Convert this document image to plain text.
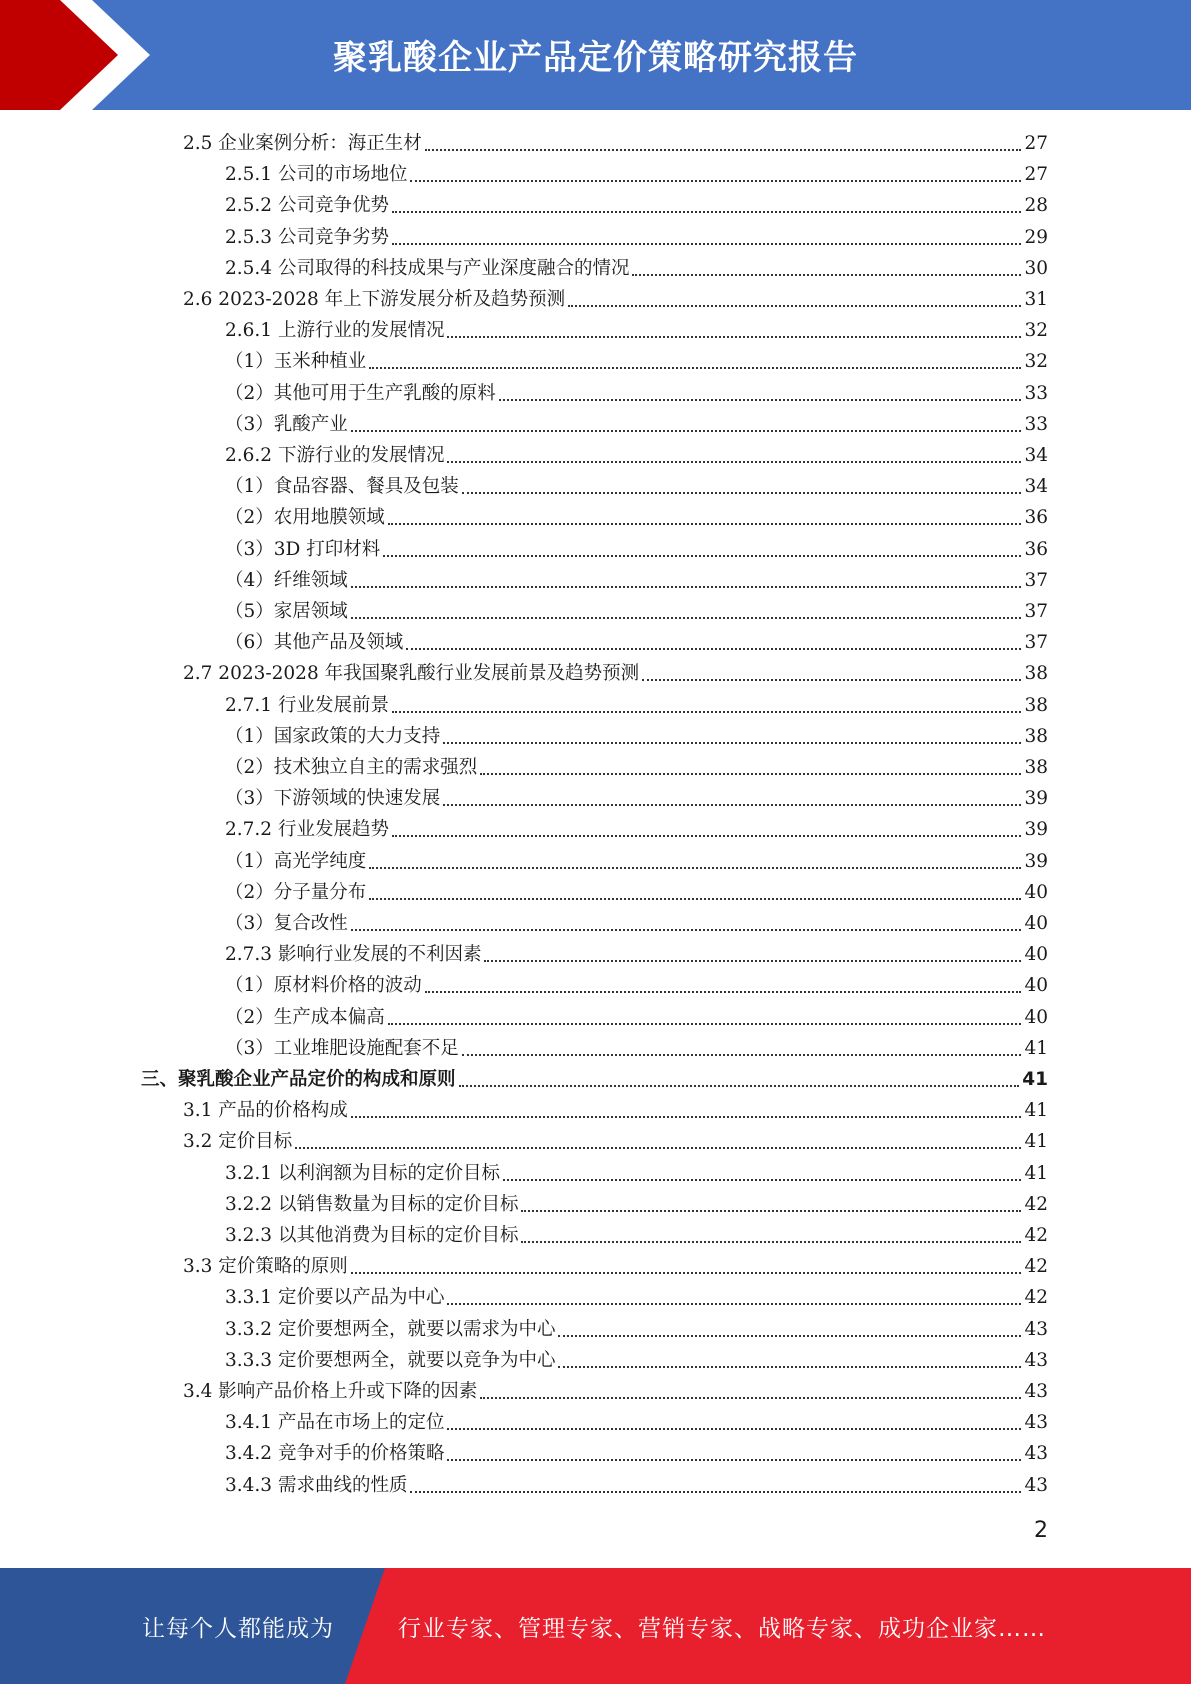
聚乳酸企业产品定价策略研究报告
2.5 企业案例分析：海正生材	27
2.5.1 公司的市场地位	27
2.5.2 公司竞争优势	28
2.5.3 公司竞争劣势	29
2.5.4 公司取得的科技成果与产业深度融合的情况	30
2.6 2023-2028 年上下游发展分析及趋势预测	31
2.6.1 上游行业的发展情况	32
（1）玉米种植业	32
（2）其他可用于生产乳酸的原料	33
（3）乳酸产业	33
2.6.2 下游行业的发展情况	34
（1）食品容器、餐具及包装	34
（2）农用地膜领域	36
（3）3D 打印材料	36
（4）纤维领域	37
（5）家居领域	37
（6）其他产品及领域	37
2.7 2023-2028 年我国聚乳酸行业发展前景及趋势预测	38
2.7.1 行业发展前景	38
（1）国家政策的大力支持	38
（2）技术独立自主的需求强烈	38
（3）下游领域的快速发展	39
2.7.2 行业发展趋势	39
（1）高光学纯度	39
（2）分子量分布	40
（3）复合改性	40
2.7.3 影响行业发展的不利因素	40
（1）原材料价格的波动	40
（2）生产成本偏高	40
（3）工业堆肥设施配套不足	41
三、聚乳酸企业产品定价的构成和原则	41
3.1 产品的价格构成	41
3.2 定价目标	41
3.2.1 以利润额为目标的定价目标	41
3.2.2 以销售数量为目标的定价目标	42
3.2.3 以其他消费为目标的定价目标	42
3.3 定价策略的原则	42
3.3.1 定价要以产品为中心	42
3.3.2 定价要想两全，就要以需求为中心	43
3.3.3 定价要想两全，就要以竞争为中心	43
3.4 影响产品价格上升或下降的因素	43
3.4.1 产品在市场上的定位	43
3.4.2 竞争对手的价格策略	43
3.4.3 需求曲线的性质	43
2
让每个人都能成为	行业专家、管理专家、营销专家、战略专家、成功企业家……
